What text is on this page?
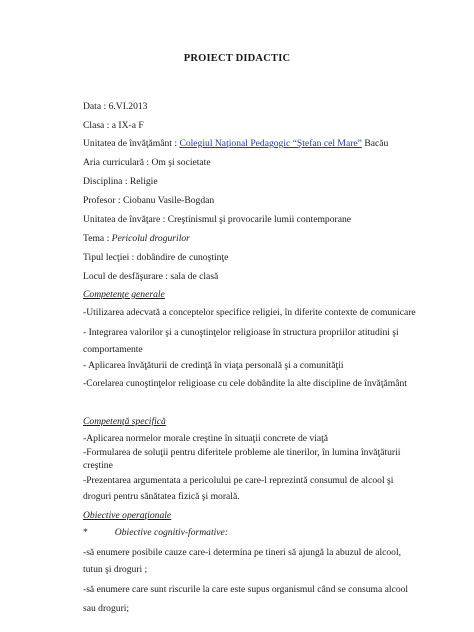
PROIECT DIDACTIC
Data : 6.VI.2013
Clasa : a IX-a F
Unitatea de învăţământ : Colegiul Naţional Pedagogic “Ştefan cel Mare” Bacău
Aria curriculară : Om şi societate
Disciplina : Religie
Profesor : Ciobanu Vasile-Bogdan
Unitatea de învăţare : Creştinismul şi provocarile lumii contemporane
Tema : Pericolul drogurilor
Tipul lecţiei : dobândire de cunoştinţe
Locul de desfăşurare : sala de clasă
Competenţe generale
-Utilizarea adecvată a conceptelor specifice religiei, în diferite contexte de comunicare
- Integrarea valorilor şi a cunoştinţelor religioase în structura propriilor atitudini şi comportamente
- Aplicarea învăţăturii de credinţă în viaţa personală şi a comunităţii
-Corelarea cunoştinţelor religioase cu cele dobândite la alte discipline de învăţământ
Competenţă specifică
-Aplicarea normelor morale creştine în situaţii concrete de viaţă
-Formularea de soluţii pentru diferitele probleme ale tinerilor, în lumina învăţăturii creştine
-Prezentarea argumentata a pericolului pe care-l reprezintă consumul de alcool şi droguri pentru sănătatea fizică şi morală.
Obiective operaţionale
*	Obiective cognitiv-formative:
-să enumere posibile cauze care-i determina pe tineri să ajungă la abuzul de alcool, tutun şi droguri ;
-să enumere care sunt riscurile la care este supus organismul când se consuma alcool sau droguri;
